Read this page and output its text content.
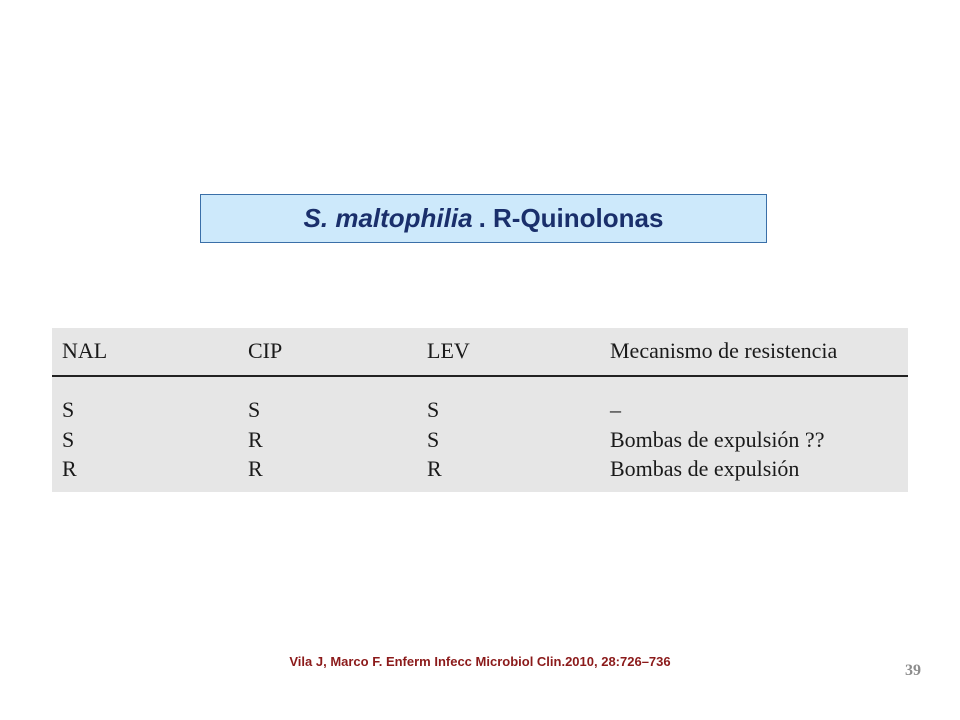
S. maltophilia . R-Quinolonas
NAL	CIP	LEV	Mecanismo de resistencia
S	S	S	–
S	R	S	Bombas de expulsión ??
R	R	R	Bombas de expulsión
Vila J, Marco F. Enferm Infecc Microbiol Clin.2010, 28:726–736
39
